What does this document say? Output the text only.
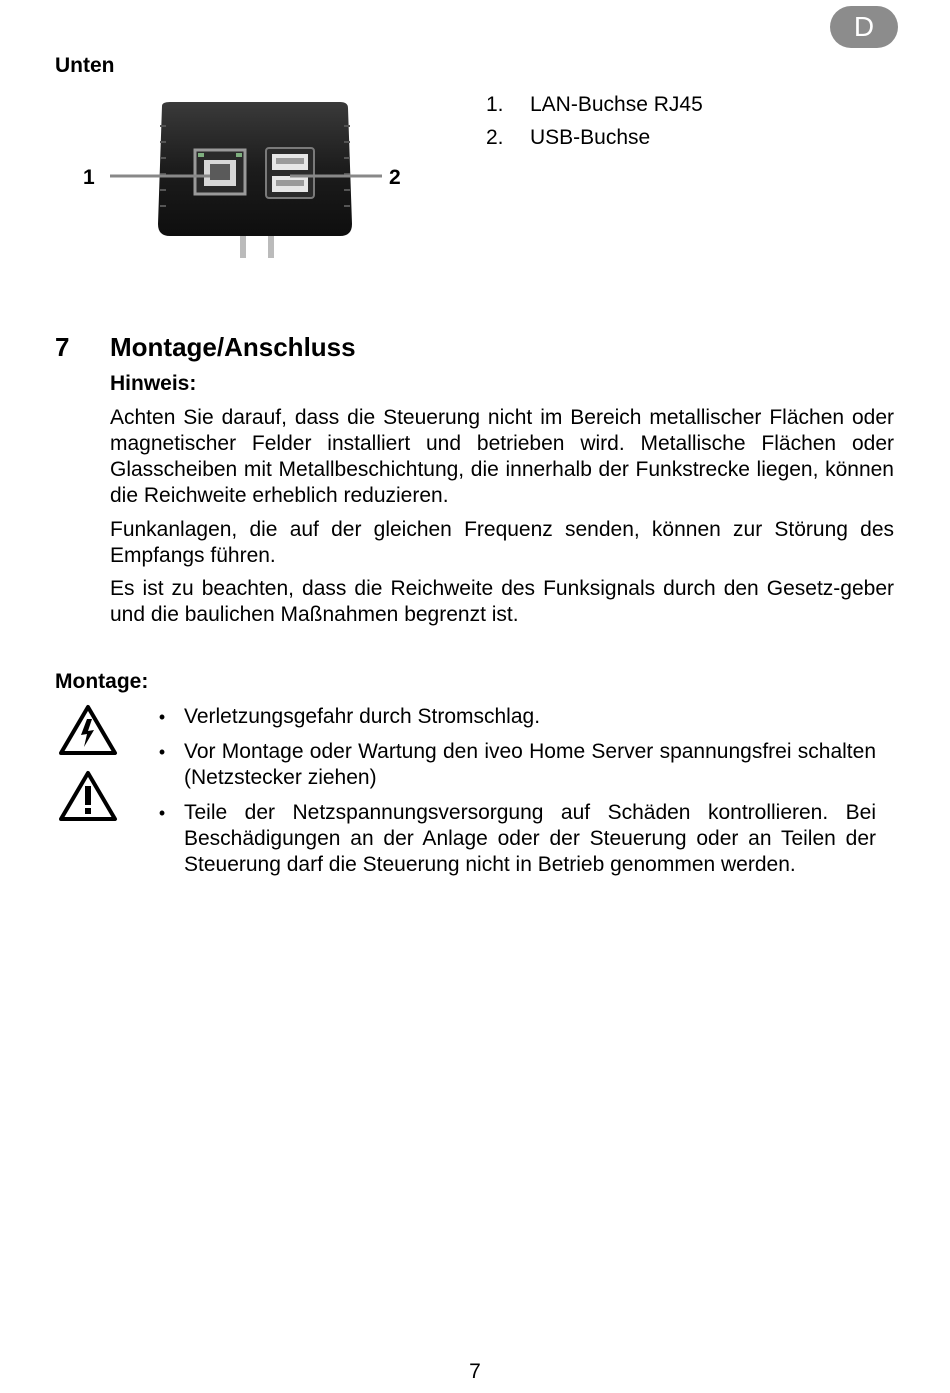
D
Unten
1	2
1.	LAN-Buchse RJ45
2.	USB-Buchse
7 Montage/Anschluss
Hinweis:
Achten Sie darauf, dass die Steuerung nicht im Bereich metallischer Flächen oder magnetischer Felder installiert und betrieben wird. Metallische Flächen oder Glasscheiben mit Metallbeschichtung, die innerhalb der Funkstrecke liegen, können die Reichweite erheblich reduzieren.
Funkanlagen, die auf der gleichen Frequenz senden, können zur Störung des Empfangs führen.
Es ist zu beachten, dass die Reichweite des Funksignals durch den Gesetz-geber und die baulichen Maßnahmen begrenzt ist.
Montage:
• Verletzungsgefahr durch Stromschlag.
• Vor Montage oder Wartung den iveo Home Server spannungsfrei schalten (Netzstecker ziehen)
• Teile der Netzspannungsversorgung auf Schäden kontrollieren. Bei Beschädigungen an der Anlage oder der Steuerung oder an Teilen der Steuerung darf die Steuerung nicht in Betrieb genommen werden.
7
